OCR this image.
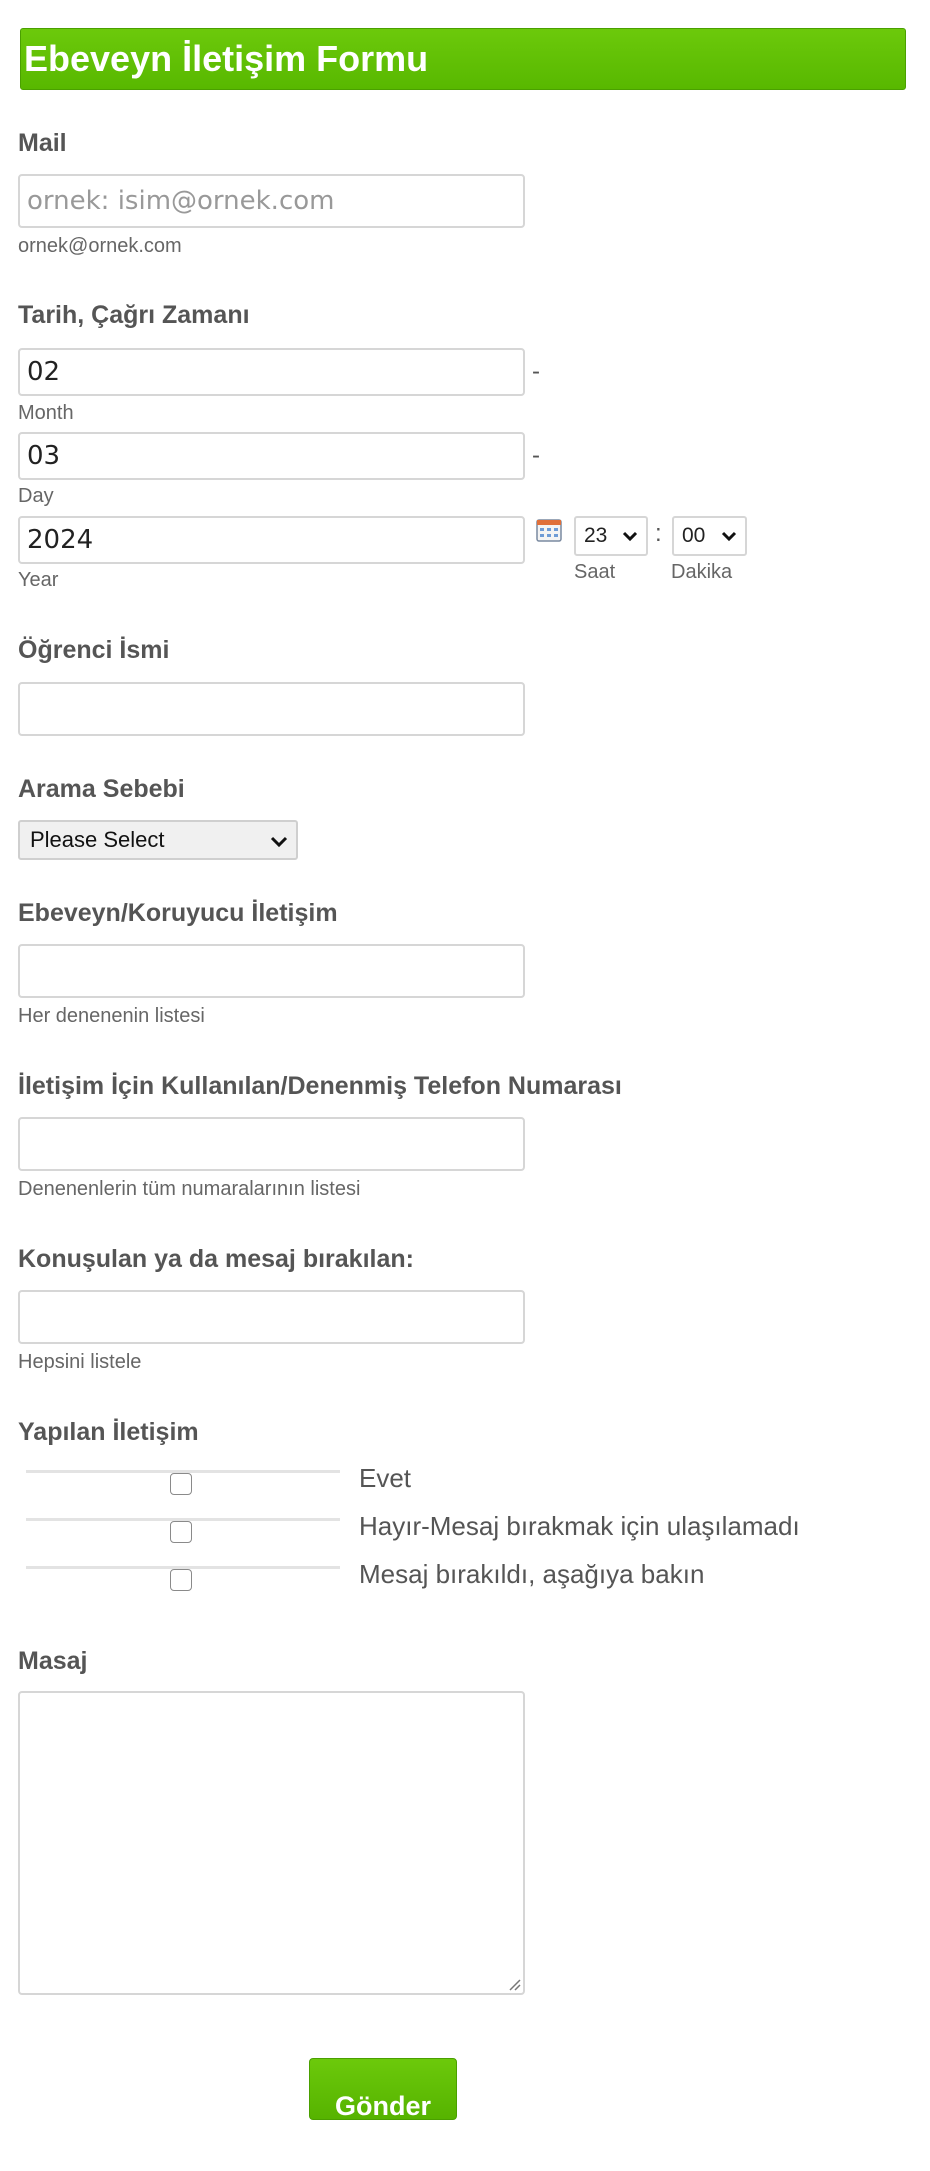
Ebeveyn İletişim Formu
Mail
ornek: isim@ornek.com
ornek@ornek.com
Tarih, Çağrı Zamanı
02
-
Month
03
-
Day
2024
Year
23 : 00
Saat	Dakika
Öğrenci İsmi
Arama Sebebi
Please Select
Ebeveyn/Koruyucu İletişim
Her denenenin listesi
İletişim İçin Kullanılan/Denenmiş Telefon Numarası
Denenenlerin tüm numaralarının listesi
Konuşulan ya da mesaj bırakılan:
Hepsini listele
Yapılan İletişim
Evet
Hayır-Mesaj bırakmak için ulaşılamadı
Mesaj bırakıldı, aşağıya bakın
Masaj
Gönder
